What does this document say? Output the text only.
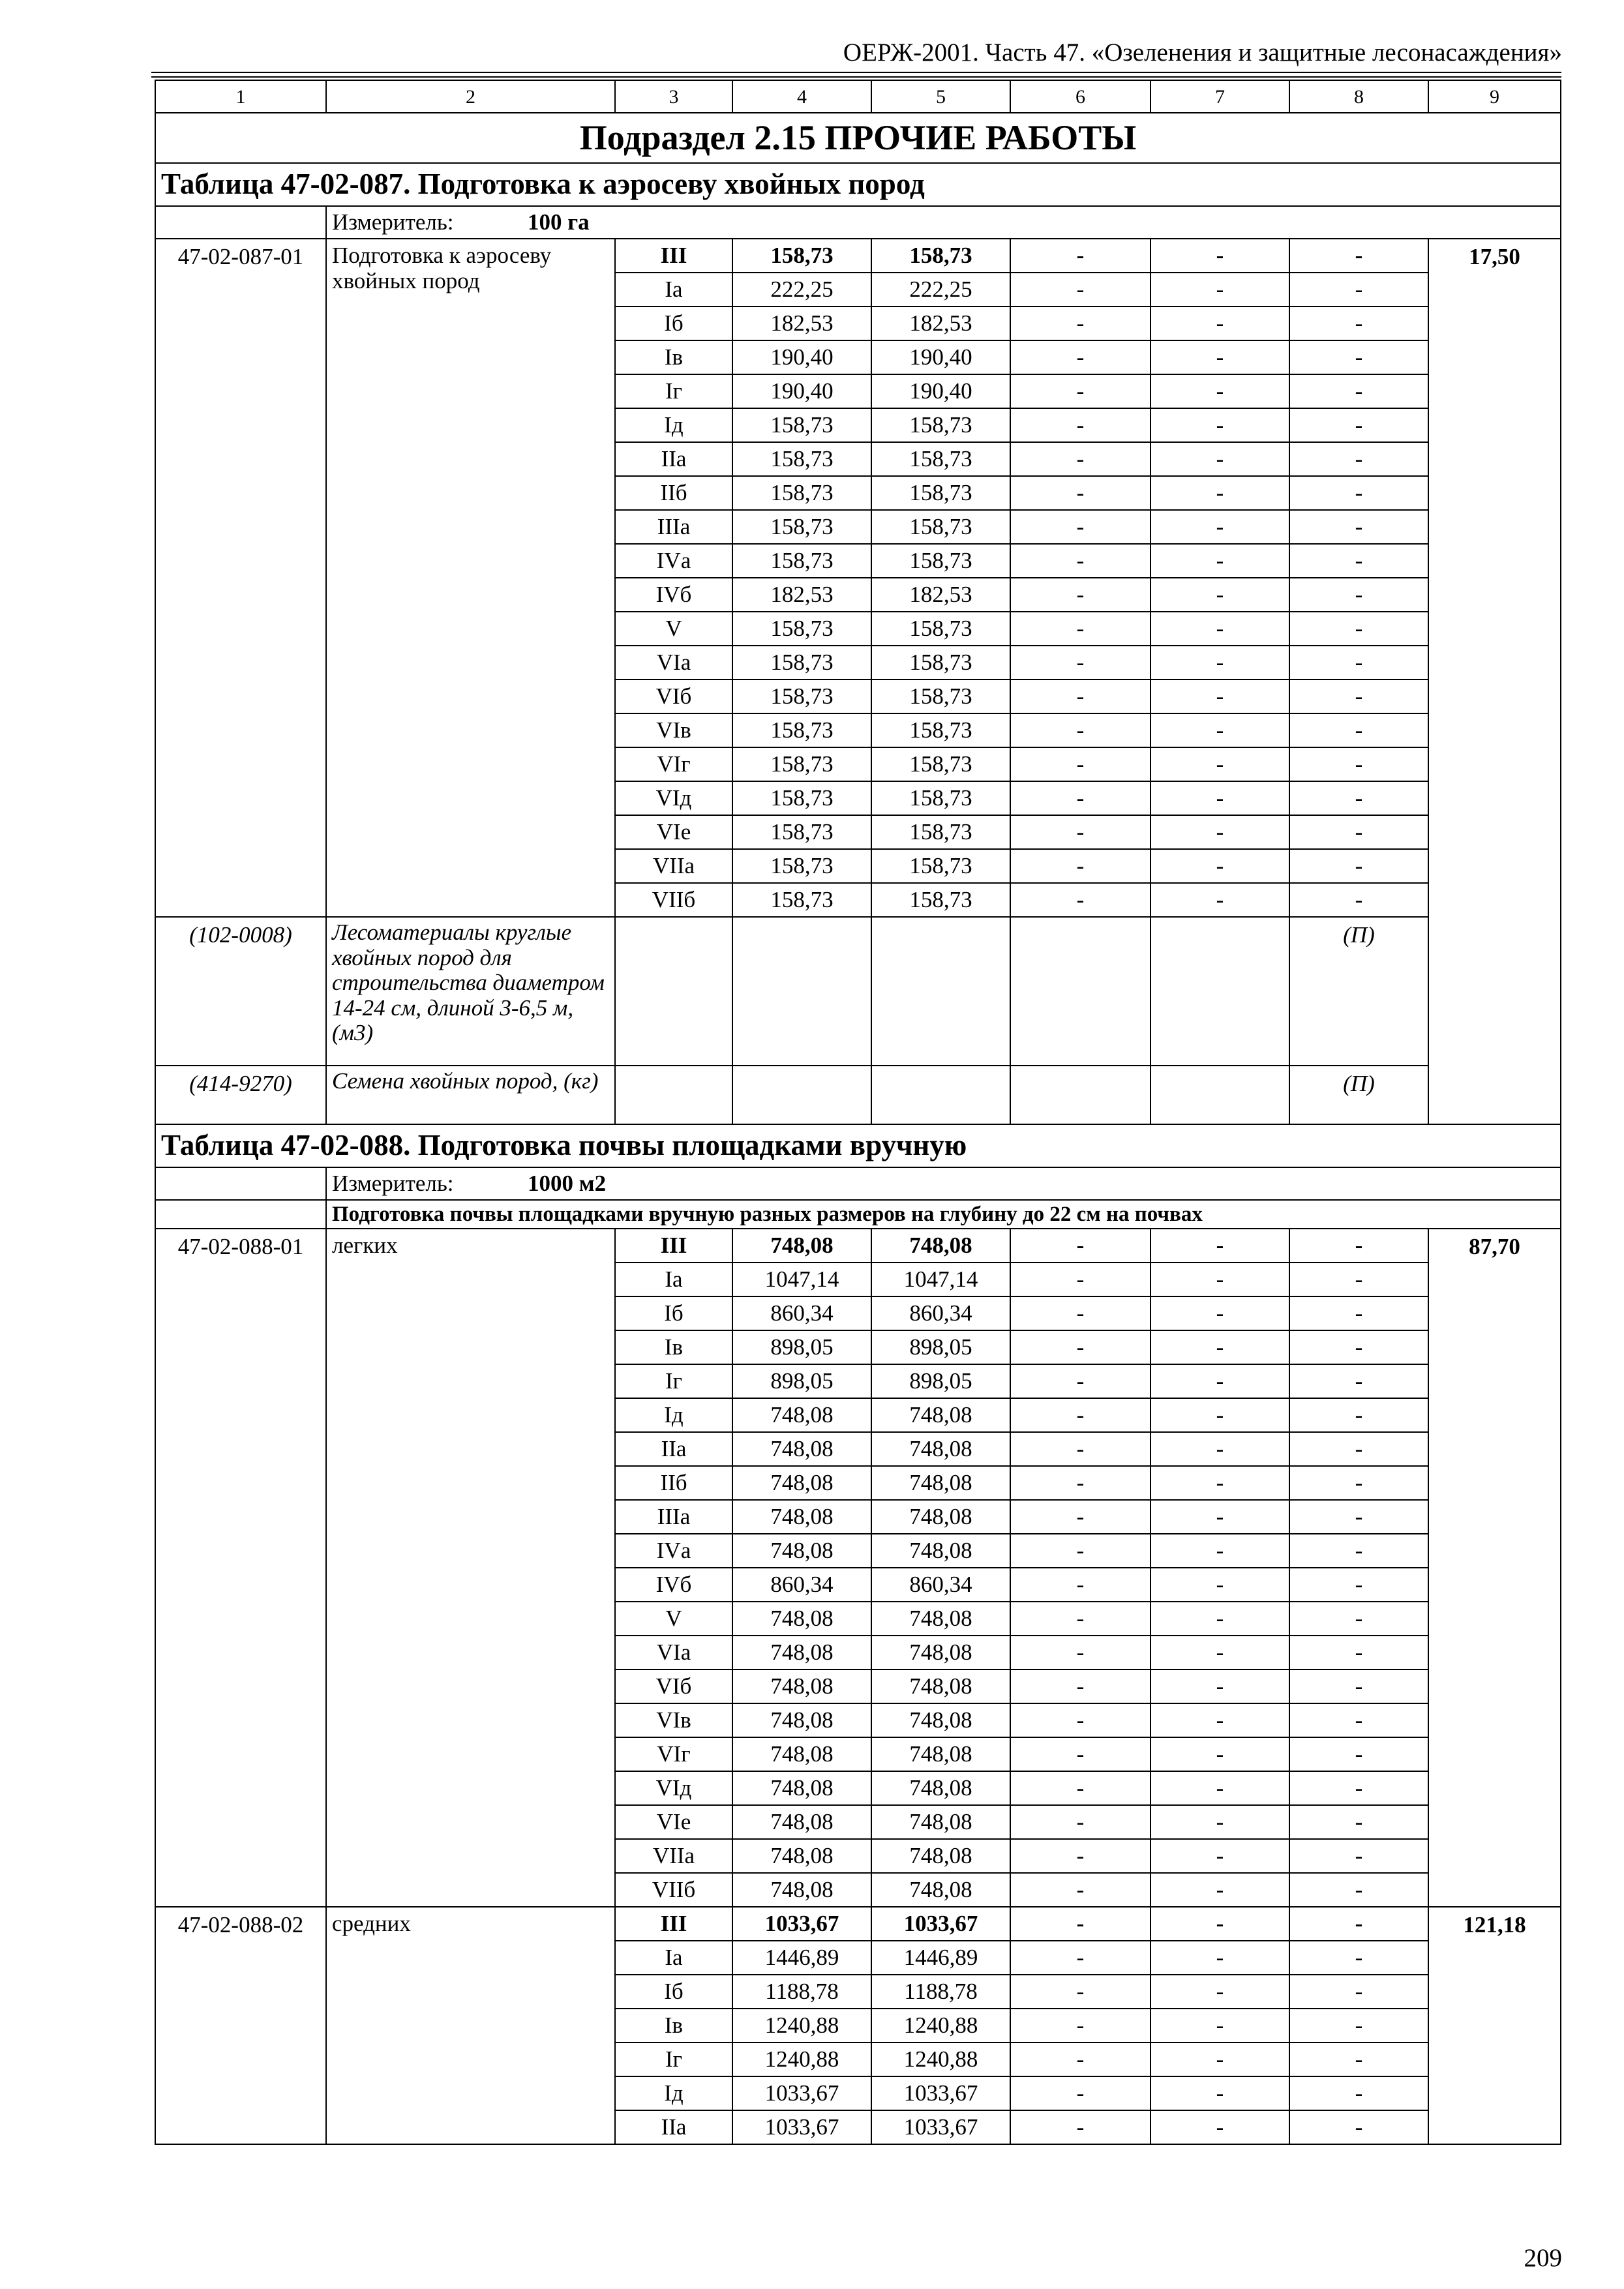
ОЕРЖ-2001. Часть 47. «Озеленения и защитные лесонасаждения»
1	2	3	4	5	6	7	8	9
Подраздел 2.15 ПРОЧИЕ РАБОТЫ								
Таблица 47-02-087. Подготовка к аэросеву хвойных пород								
	Измеритель: 100 га							
47-02-087-01	Подготовка к аэросеву хвойных пород	III	158,73	158,73	-	-	-	17,50
		Iа	222,25	222,25	-	-	-	
		Iб	182,53	182,53	-	-	-	
		Iв	190,40	190,40	-	-	-	
		Iг	190,40	190,40	-	-	-	
		Iд	158,73	158,73	-	-	-	
		IIа	158,73	158,73	-	-	-	
		IIб	158,73	158,73	-	-	-	
		IIIа	158,73	158,73	-	-	-	
		IVа	158,73	158,73	-	-	-	
		IVб	182,53	182,53	-	-	-	
		V	158,73	158,73	-	-	-	
		VIа	158,73	158,73	-	-	-	
		VIб	158,73	158,73	-	-	-	
		VIв	158,73	158,73	-	-	-	
		VIг	158,73	158,73	-	-	-	
		VIд	158,73	158,73	-	-	-	
		VIе	158,73	158,73	-	-	-	
		VIIа	158,73	158,73	-	-	-	
		VIIб	158,73	158,73	-	-	-	
(102-0008)	Лесоматериалы круглые хвойных пород для строительства диаметром 14-24 см, длиной 3-6,5 м, (м3)						(П)	
(414-9270)	Семена хвойных пород, (кг)						(П)	
Таблица 47-02-088. Подготовка почвы площадками вручную								
	Измеритель: 1000 м2							
	Подготовка почвы площадками вручную разных размеров на глубину до 22 см на почвах							
47-02-088-01	легких	III	748,08	748,08	-	-	-	87,70
		Iа	1047,14	1047,14	-	-	-	
		Iб	860,34	860,34	-	-	-	
		Iв	898,05	898,05	-	-	-	
		Iг	898,05	898,05	-	-	-	
		Iд	748,08	748,08	-	-	-	
		IIа	748,08	748,08	-	-	-	
		IIб	748,08	748,08	-	-	-	
		IIIа	748,08	748,08	-	-	-	
		IVа	748,08	748,08	-	-	-	
		IVб	860,34	860,34	-	-	-	
		V	748,08	748,08	-	-	-	
		VIа	748,08	748,08	-	-	-	
		VIб	748,08	748,08	-	-	-	
		VIв	748,08	748,08	-	-	-	
		VIг	748,08	748,08	-	-	-	
		VIд	748,08	748,08	-	-	-	
		VIе	748,08	748,08	-	-	-	
		VIIа	748,08	748,08	-	-	-	
		VIIб	748,08	748,08	-	-	-	
47-02-088-02	средних	III	1033,67	1033,67	-	-	-	121,18
		Iа	1446,89	1446,89	-	-	-	
		Iб	1188,78	1188,78	-	-	-	
		Iв	1240,88	1240,88	-	-	-	
		Iг	1240,88	1240,88	-	-	-	
		Iд	1033,67	1033,67	-	-	-	
		IIа	1033,67	1033,67	-	-	-	
209
